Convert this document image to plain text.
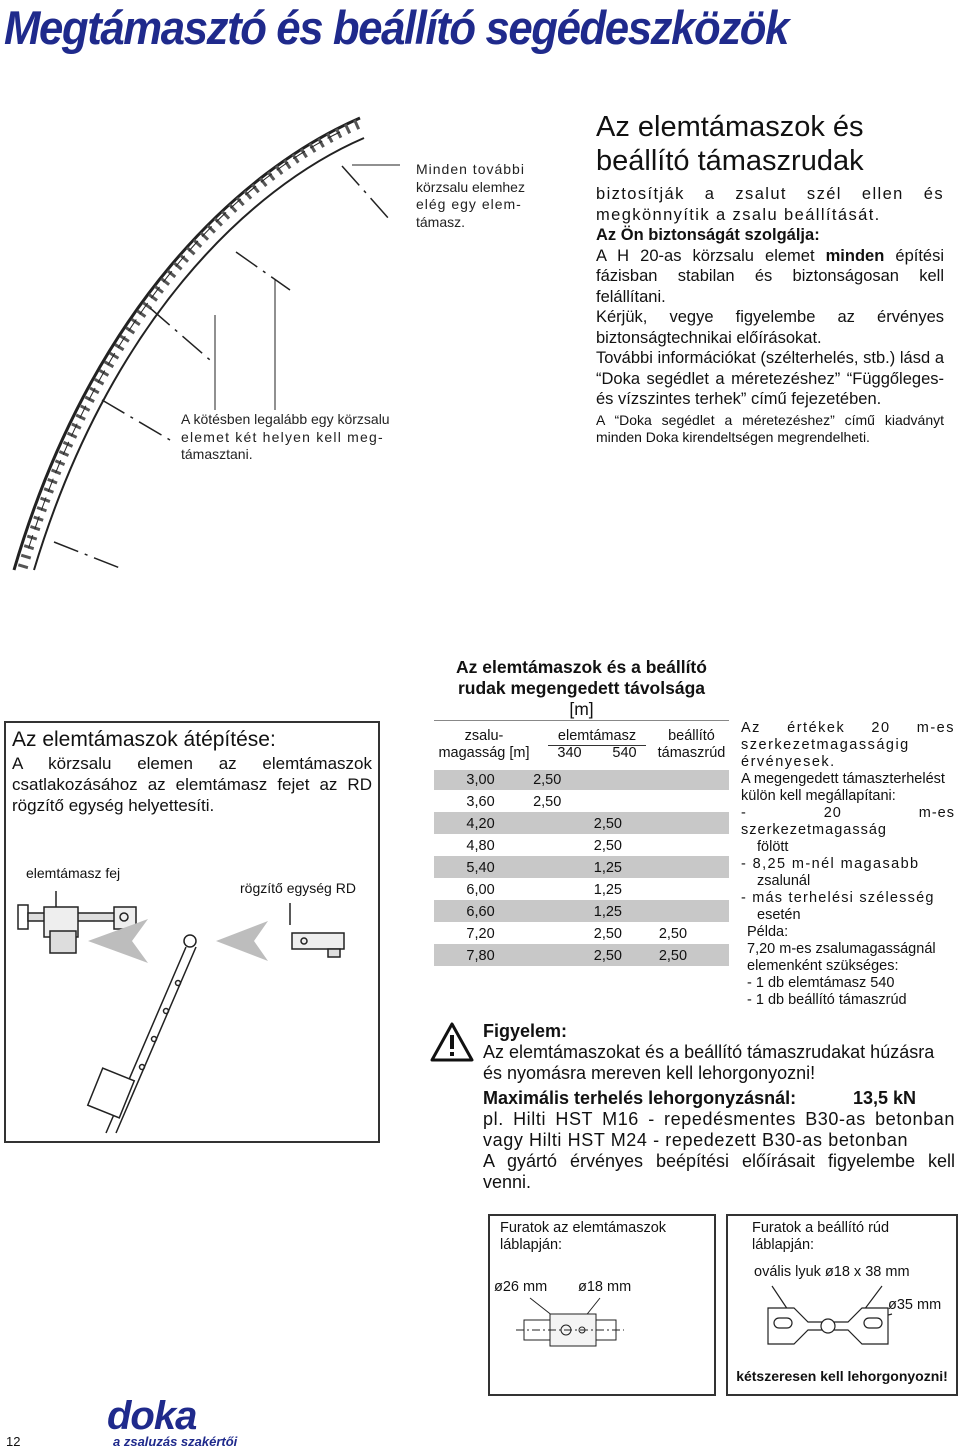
Megtámasztó és beállító segédeszközök
Minden további
körzsalu elemhez
elég egy elem-
támasz.
A kötésben legalább egy körzsalu
elemet két helyen kell meg-
támasztani.
Az elemtámaszok és
beállító támaszrudak
biztosítják a zsalut szél ellen és megkönnyítik a zsalu beállítását.
Az Ön biztonságát szolgálja:
A H 20-as körzsalu elemet minden építési fázisban stabilan és biztonságosan kell felállítani.
Kérjük, vegye figyelembe az érvényes biztonságtechnikai előírásokat.
További információkat (szélterhelés, stb.) lásd a “Doka segédlet a méretezéshez” “Függőleges- és vízszintes terhek” című fejezetében.
A “Doka segédlet a méretezéshez” című kiadványt minden Doka kirendeltségen megrendelheti.
Az elemtámaszok átépítése:
A körzsalu elemen az elemtámaszok csatlakozásához az elemtámasz fejet az RD rögzítő egység helyettesíti.
elemtámasz fej
rögzítő egység RD
Az elemtámaszok és a beállító
rudak megengedett távolsága
[m]
zsalu-
magasság [m]
elemtámasz
340 540
beállító
támaszrúd
3,00	2,50		
3,60	2,50		
4,20		2,50	
4,80		2,50	
5,40		1,25	
6,00		1,25	
6,60		1,25	
7,20		2,50	2,50
7,80		2,50	2,50
Az értékek 20 m-es szerkezetmagasságig érvényesek.
A megengedett támaszterhelést külön kell megállapítani:
- 20 m-es szerkezetmagasság
fölött
- 8,25 m-nél magasabb
zsalunál
- más terhelési szélesség
esetén
Példa:
7,20 m-es zsalumagasságnál elemenként szükséges:
- 1 db elemtámasz 540
- 1 db beállító támaszrúd
Figyelem:
Az elemtámaszokat és a beállító támaszrudakat húzásra és nyomásra mereven kell lehorgonyozni!
Maximális terhelés lehorgonyzásnál:	13,5 kN
pl. Hilti HST M16 - repedésmentes B30-as betonban vagy Hilti HST M24 - repedezett B30-as betonban
A gyártó érvényes beépítési előírásait figyelembe kell venni.
Furatok az elemtámaszok
láblapján:
ø26 mm ø18 mm
Furatok a beállító rúd
láblapján:
ovális lyuk ø18 x 38 mm
ø35 mm
kétszeresen kell lehorgonyozni!
12
doka
a zsaluzás szakértői
